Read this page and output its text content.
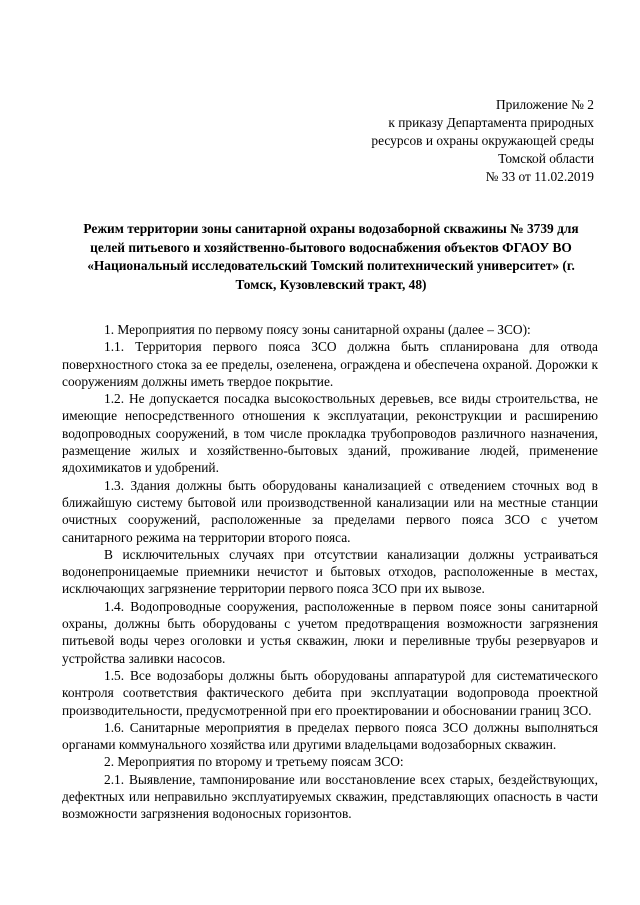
Приложение № 2
к приказу Департамента природных
ресурсов и охраны окружающей среды
Томской области
№ 33 от 11.02.2019
Режим территории зоны санитарной охраны водозаборной скважины № 3739 для целей питьевого и хозяйственно-бытового водоснабжения объектов ФГАОУ ВО «Национальный исследовательский Томский политехнический университет» (г. Томск, Кузовлевский тракт, 48)

1. Мероприятия по первому поясу зоны санитарной охраны (далее – ЗСО):

1.1. Территория первого пояса ЗСО должна быть спланирована для отвода поверхностного стока за ее пределы, озеленена, ограждена и обеспечена охраной. Дорожки к сооружениям должны иметь твердое покрытие.

1.2. Не допускается посадка высокоствольных деревьев, все виды строительства, не имеющие непосредственного отношения к эксплуатации, реконструкции и расширению водопроводных сооружений, в том числе прокладка трубопроводов различного назначения, размещение жилых и хозяйственно-бытовых зданий, проживание людей, применение ядохимикатов и удобрений.

1.3. Здания должны быть оборудованы канализацией с отведением сточных вод в ближайшую систему бытовой или производственной канализации или на местные станции очистных сооружений, расположенные за пределами первого пояса ЗСО с учетом санитарного режима на территории второго пояса.

В исключительных случаях при отсутствии канализации должны устраиваться водонепроницаемые приемники нечистот и бытовых отходов, расположенные в местах, исключающих загрязнение территории первого пояса ЗСО при их вывозе.

1.4. Водопроводные сооружения, расположенные в первом поясе зоны санитарной охраны, должны быть оборудованы с учетом предотвращения возможности загрязнения питьевой воды через оголовки и устья скважин, люки и переливные трубы резервуаров и устройства заливки насосов.

1.5. Все водозаборы должны быть оборудованы аппаратурой для систематического контроля соответствия фактического дебита при эксплуатации водопровода проектной производительности, предусмотренной при его проектировании и обосновании границ ЗСО.

1.6. Санитарные мероприятия в пределах первого пояса ЗСО должны выполняться органами коммунального хозяйства или другими владельцами водозаборных скважин.

2. Мероприятия по второму и третьему поясам ЗСО:

2.1. Выявление, тампонирование или восстановление всех старых, бездействующих, дефектных или неправильно эксплуатируемых скважин, представляющих опасность в части возможности загрязнения водоносных горизонтов.
